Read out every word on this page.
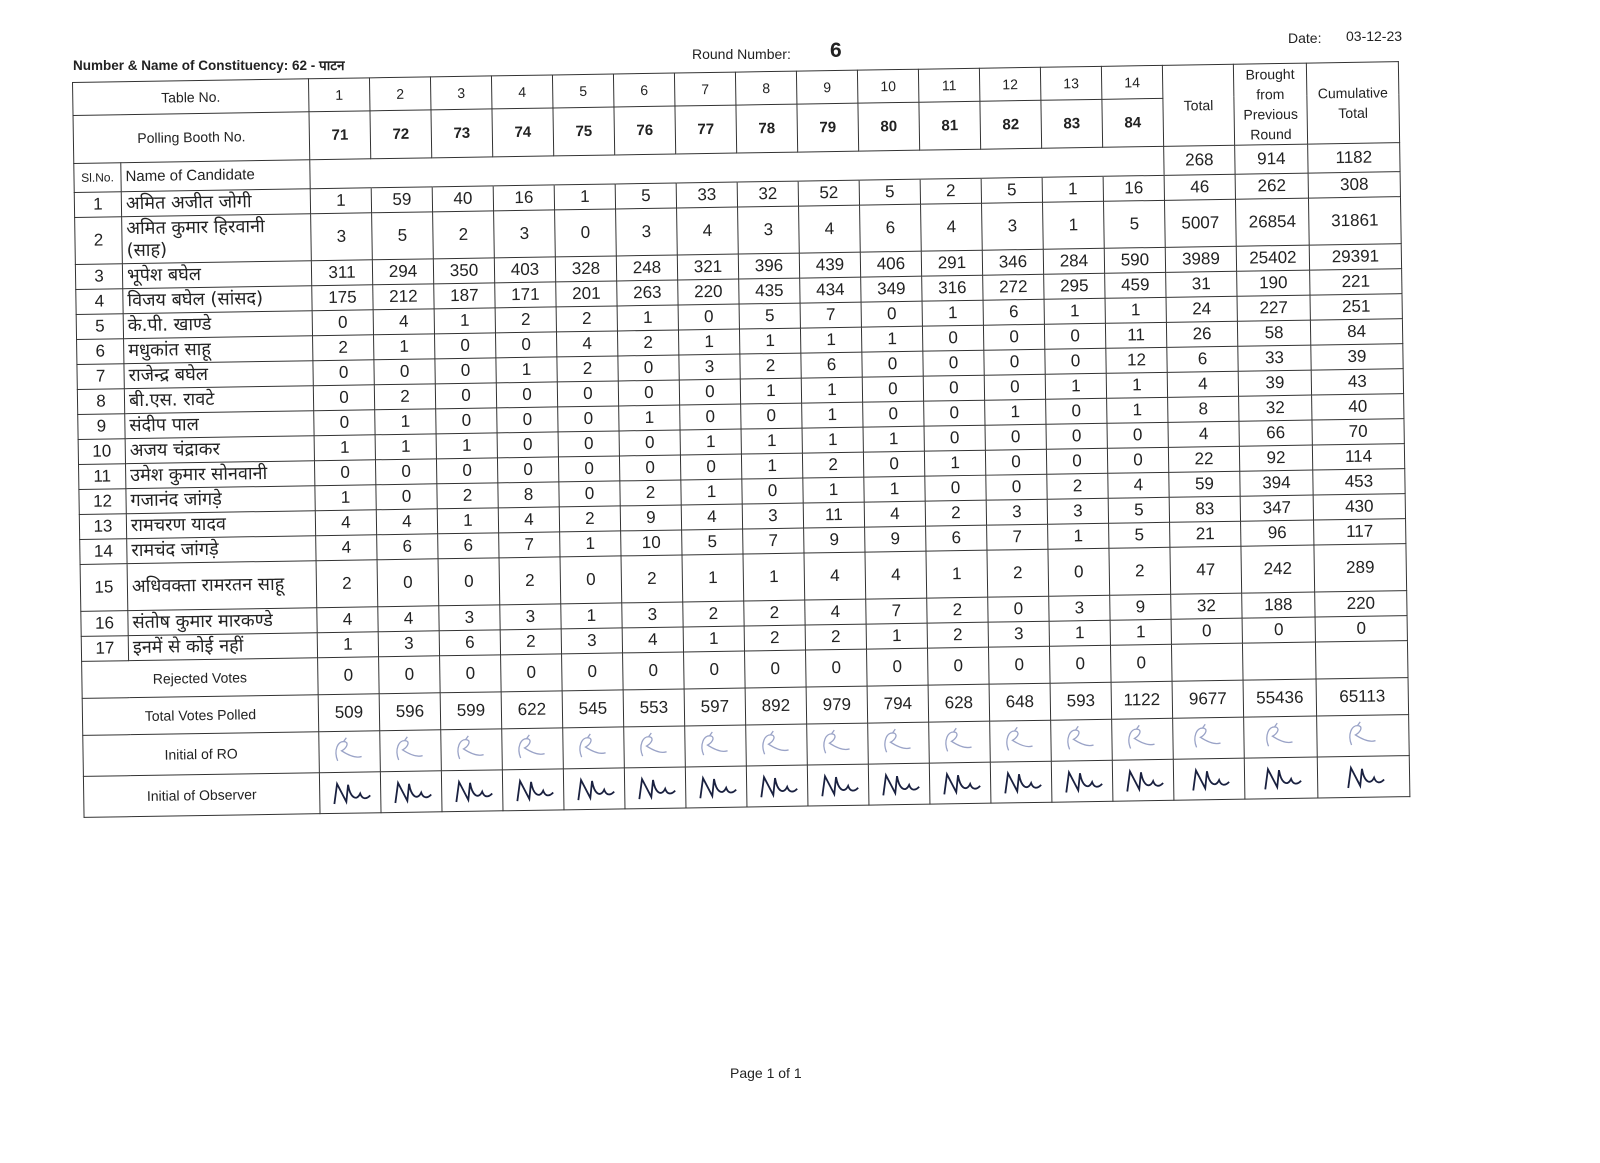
Number & Name of Constituency: 62 - पाटन
Round Number: 6
Date: 03-12-23
Table No.		1	2	3	4	5	6	7	8	9	10	11	12	13	14	Total	Brought from Previous Round	Cumulative Total
Polling Booth No.		71	72	73	74	75	76	77	78	79	80	81	82	83	84			
Sl.No.	Name of Candidate															268	914	1182
1	अमित अजीत जोगी	1	59	40	16	1	5	33	32	52	5	2	5	1	16	46	262	308
2	अमित कुमार हिरवानी (साह)	3	5	2	3	0	3	4	3	4	6	4	3	1	5	5007	26854	31861
3	भूपेश बघेल	311	294	350	403	328	248	321	396	439	406	291	346	284	590	3989	25402	29391
4	विजय बघेल (सांसद)	175	212	187	171	201	263	220	435	434	349	316	272	295	459	31	190	221
5	के.पी. खाण्डे	0	4	1	2	2	1	0	5	7	0	1	6	1	1	24	227	251
6	मधुकांत साहू	2	1	0	0	4	2	1	1	1	1	0	0	0	11	26	58	84
7	राजेन्द्र बघेल	0	0	0	1	2	0	3	2	6	0	0	0	0	12	6	33	39
8	बी.एस. रावटे	0	2	0	0	0	0	0	1	1	0	0	0	1	1	4	39	43
9	संदीप पाल	0	1	0	0	0	1	0	0	1	0	0	1	0	1	8	32	40
10	अजय चंद्राकर	1	1	1	0	0	0	1	1	1	1	0	0	0	0	4	66	70
11	उमेश कुमार सोनवानी	0	0	0	0	0	0	0	1	2	0	1	0	0	0	22	92	114
12	गजानंद जांगड़े	1	0	2	8	0	2	1	0	1	1	0	0	2	4	59	394	453
13	रामचरण यादव	4	4	1	4	2	9	4	3	11	4	2	3	3	5	83	347	430
14	रामचंद जांगड़े	4	6	6	7	1	10	5	7	9	9	6	7	1	5	21	96	117
15	अधिवक्ता रामरतन साहू	2	0	0	2	0	2	1	1	4	4	1	2	0	2	47	242	289
16	संतोष कुमार मारकण्डे	4	4	3	3	1	3	2	2	4	7	2	0	3	9	32	188	220
17	इनमें से कोई नहीं	1	3	6	2	3	4	1	2	2	1	2	3	1	1	0	0	0
Rejected Votes		0	0	0	0	0	0	0	0	0	0	0	0	0	0			
Total Votes Polled		509	596	599	622	545	553	597	892	979	794	628	648	593	1122	9677	55436	65113
Initial of RO	

Initial of Observer	

Page 1 of 1
